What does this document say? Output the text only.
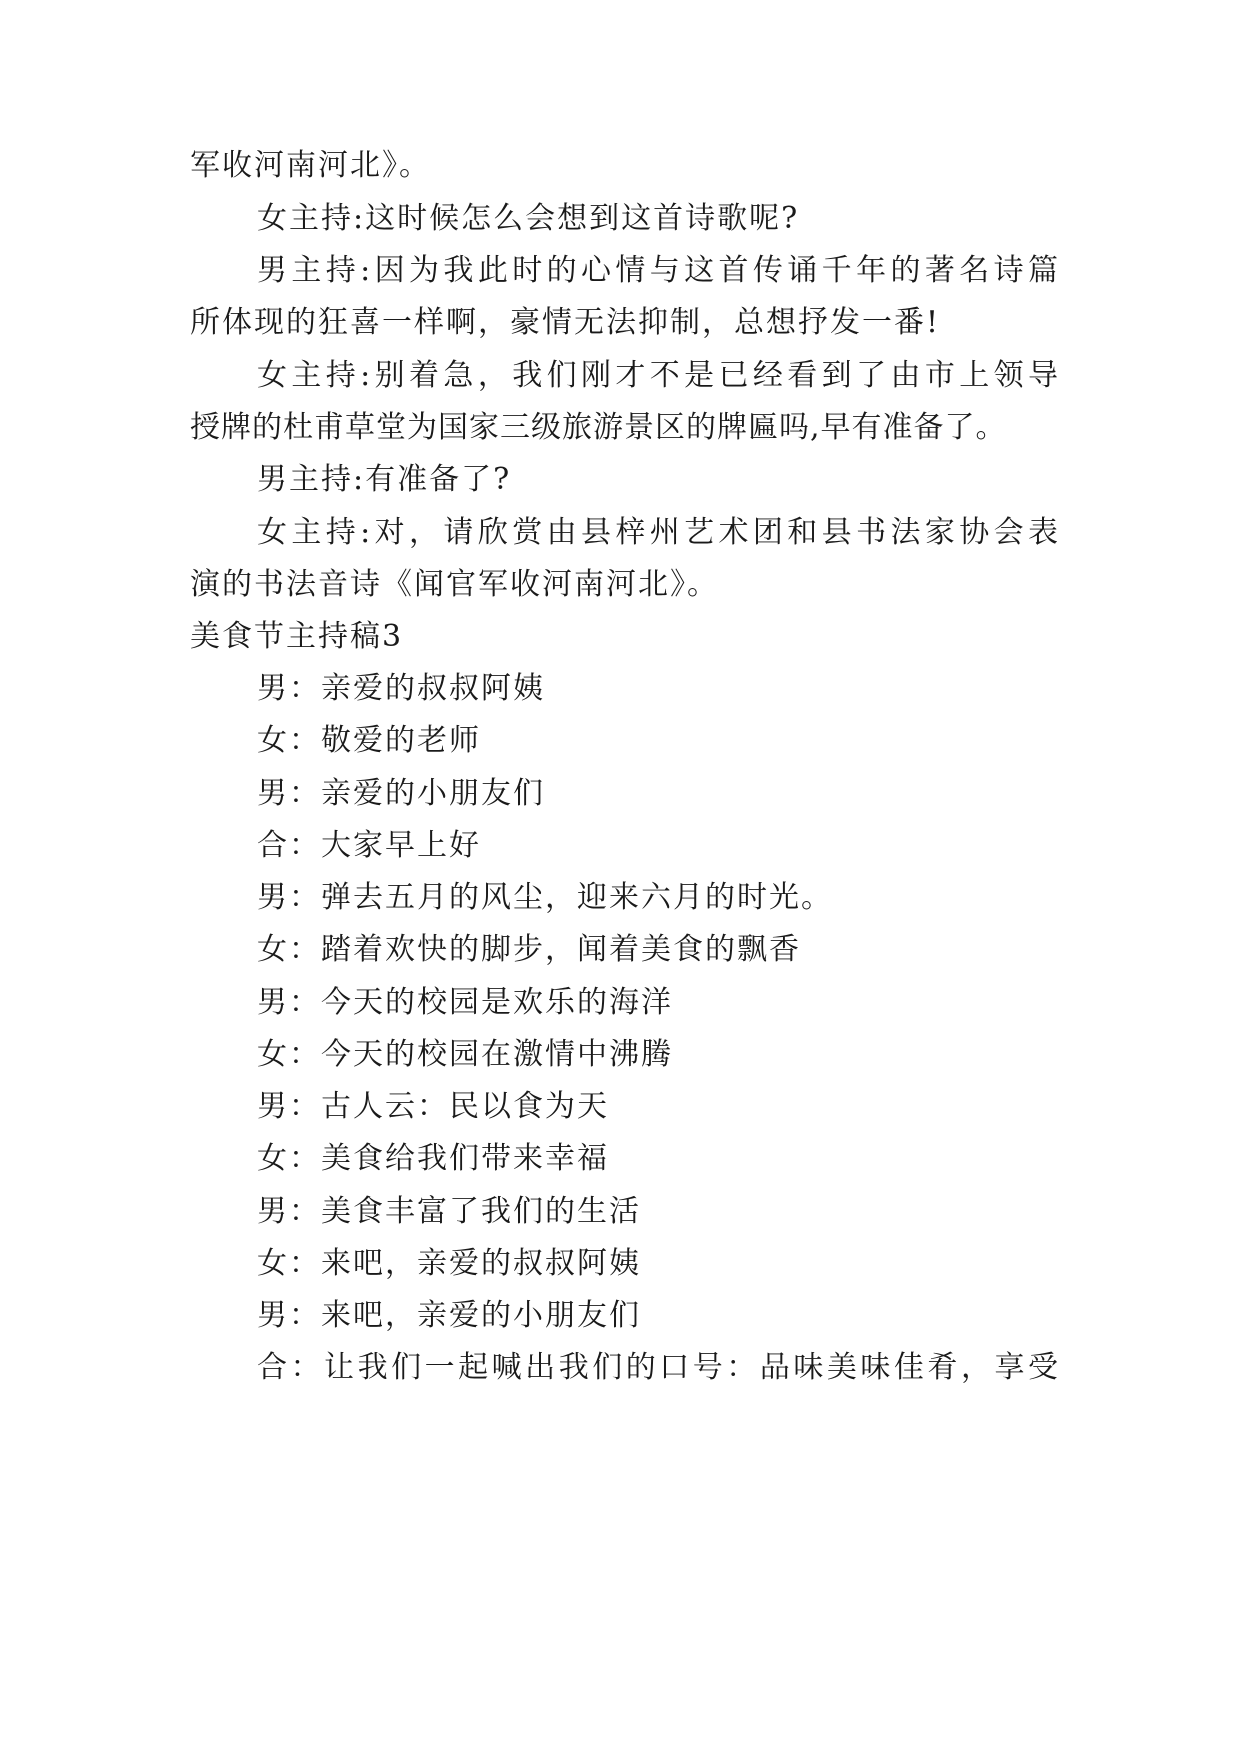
军收河南河北》。
女主持:这时候怎么会想到这首诗歌呢?
男主持:因为我此时的心情与这首传诵千年的著名诗篇
所体现的狂喜一样啊，豪情无法抑制，总想抒发一番!
女主持:别着急，我们刚才不是已经看到了由市上领导
授牌的杜甫草堂为国家三级旅游景区的牌匾吗,早有准备了。
男主持:有准备了?
女主持:对，请欣赏由县梓州艺术团和县书法家协会表
演的书法音诗《闻官军收河南河北》。
美食节主持稿3
男：亲爱的叔叔阿姨
女：敬爱的老师
男：亲爱的小朋友们
合：大家早上好
男：弹去五月的风尘，迎来六月的时光。
女：踏着欢快的脚步，闻着美食的飘香
男：今天的校园是欢乐的海洋
女：今天的校园在激情中沸腾
男：古人云：民以食为天
女：美食给我们带来幸福
男：美食丰富了我们的生活
女：来吧，亲爱的叔叔阿姨
男：来吧，亲爱的小朋友们
合：让我们一起喊出我们的口号：品味美味佳肴，享受
